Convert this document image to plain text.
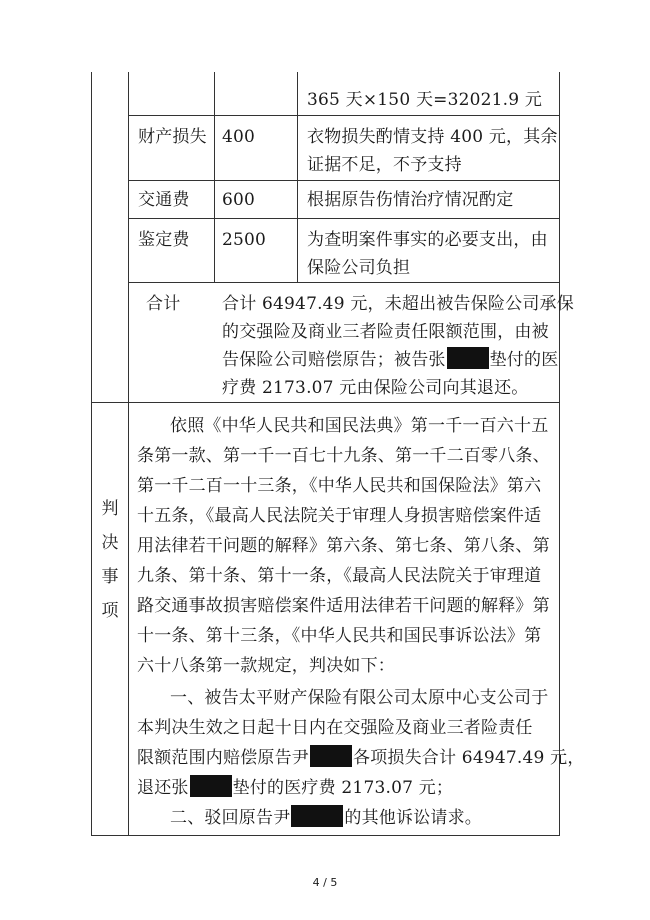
365 天×150 天=32021.9 元
财产损失 400	衣物损失酌情支持 400 元，其余
证据不足，不予支持
交通费 600	根据原告伤情治疗情况酌定
鉴定费 2500 为查明案件事实的必要支出，由
保险公司负担
合计 合计 64947.49 元，未超出被告保险公司承保
的交强险及商业三者险责任限额范围，由被
告保险公司赔偿原告；被告张	垫付的医
疗费 2173.07 元由保险公司向其退还。
判
决
事
项
依照《中华人民共和国民法典》第一千一百六十五
条第一款、第一千一百七十九条、第一千二百零八条、
第一千二百一十三条，《中华人民共和国保险法》第六
十五条，《最高人民法院关于审理人身损害赔偿案件适
用法律若干问题的解释》第六条、第七条、第八条、第
九条、第十条、第十一条，《最高人民法院关于审理道
路交通事故损害赔偿案件适用法律若干问题的解释》第
十一条、第十三条，《中华人民共和国民事诉讼法》第
六十八条第一款规定，判决如下：
一、被告太平财产保险有限公司太原中心支公司于
本判决生效之日起十日内在交强险及商业三者险责任
限额范围内赔偿原告尹	各项损失合计 64947.49 元，
退还张	垫付的医疗费 2173.07 元；
二、驳回原告尹	的其他诉讼请求。
4 / 5
